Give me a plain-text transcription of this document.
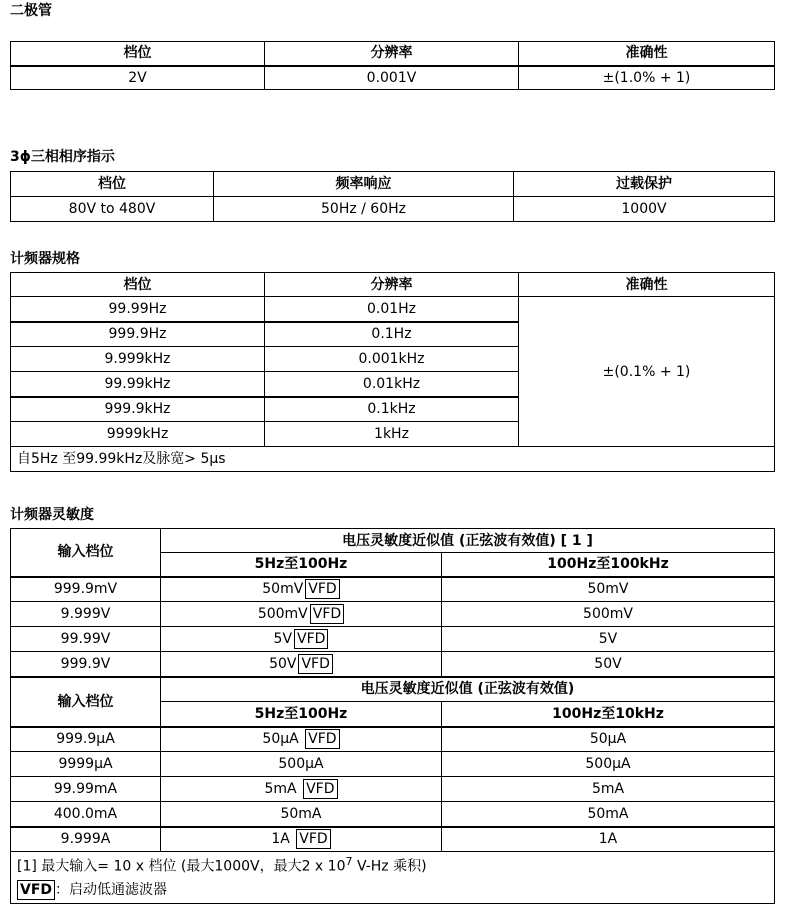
二极管
档位	分辨率	准确性
2V	0.001V	±(1.0% + 1)
3ϕ三相相序指示
档位	频率响应	过载保护
80V to 480V	50Hz / 60Hz	1000V
计频器规格
档位	分辨率	准确性
99.99Hz	0.01Hz	±(0.1% + 1)
999.9Hz	0.1Hz	
9.999kHz	0.001kHz	
99.99kHz	0.01kHz	
999.9kHz	0.1kHz	
9999kHz	1kHz	
自5Hz 至99.99kHz及脉宽> 5µs		
计频器灵敏度
输入档位	电压灵敏度近似值 (正弦波有效值) [ 1 ]	
	5Hz至100Hz	100Hz至100kHz
999.9mV	50mV VFD	50mV
9.999V	500mV VFD	500mV
99.99V	5V VFD	5V
999.9V	50V VFD	50V
输入档位	电压灵敏度近似值 (正弦波有效值)	
	5Hz至100Hz	100Hz至10kHz
999.9µA	50µA VFD	50µA
9999µA	500µA	500µA
99.99mA	5mA VFD	5mA
400.0mA	50mA	50mA
9.999A	1A VFD	1A
[1] 最大输入= 10 x 档位 (最大1000V，最大2 x $10^7$ V-Hz 乘积)		
VFD ：启动低通滤波器		
